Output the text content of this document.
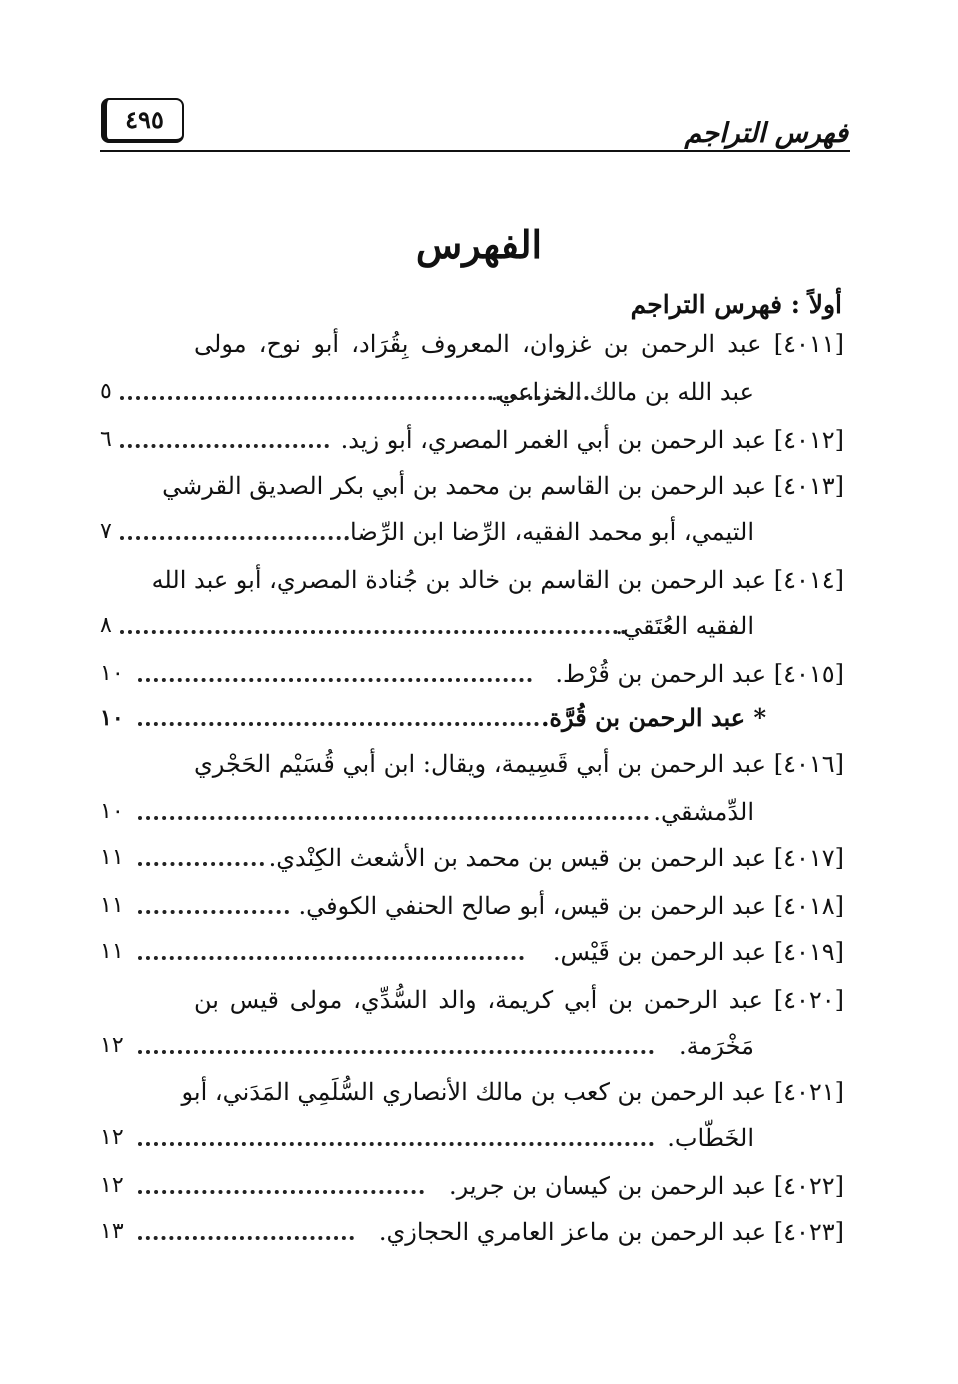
٤٩٥	فهرس التراجم
الفهرس
أولاً : فهرس التراجم
[٤٠١١] عبد الرحمن بن غزوان، المعروف بِقُرَاد، أبو نوح، مولى
عبد الله بن مالك الخزاعي.
٥
[٤٠١٢] عبد الرحمن بن أبي الغمر المصري، أبو زيد.
٦
[٤٠١٣] عبد الرحمن بن القاسم بن محمد بن أبي بكر الصديق القرشي
التيمي، أبو محمد الفقيه، الرِّضا ابن الرِّضا.
٧
[٤٠١٤] عبد الرحمن بن القاسم بن خالد بن جُنادة المصري، أبو عبد الله
الفقيه العُتَقي.
٨
[٤٠١٥] عبد الرحمن بن قُرْط.
١٠
* عبد الرحمن بن قُرَّة.
١٠
[٤٠١٦] عبد الرحمن بن أبي قَسِيمة، ويقال: ابن أبي قُسَيْم الحَجْري
الدِّمشقي.
١٠
[٤٠١٧] عبد الرحمن بن قيس بن محمد بن الأشعث الكِنْدي.
١١
[٤٠١٨] عبد الرحمن بن قيس، أبو صالح الحنفي الكوفي.
١١
[٤٠١٩] عبد الرحمن بن قَيْس.
١١
[٤٠٢٠] عبد الرحمن بن أبي كريمة، والد السُّدِّي، مولى قيس بن
مَخْرَمة.
١٢
[٤٠٢١] عبد الرحمن بن كعب بن مالك الأنصاري السُّلَمِي المَدَني، أبو
الخَطّاب.
١٢
[٤٠٢٢] عبد الرحمن بن كيسان بن جرير.
١٢
[٤٠٢٣] عبد الرحمن بن ماعز العامري الحجازي.
١٣
